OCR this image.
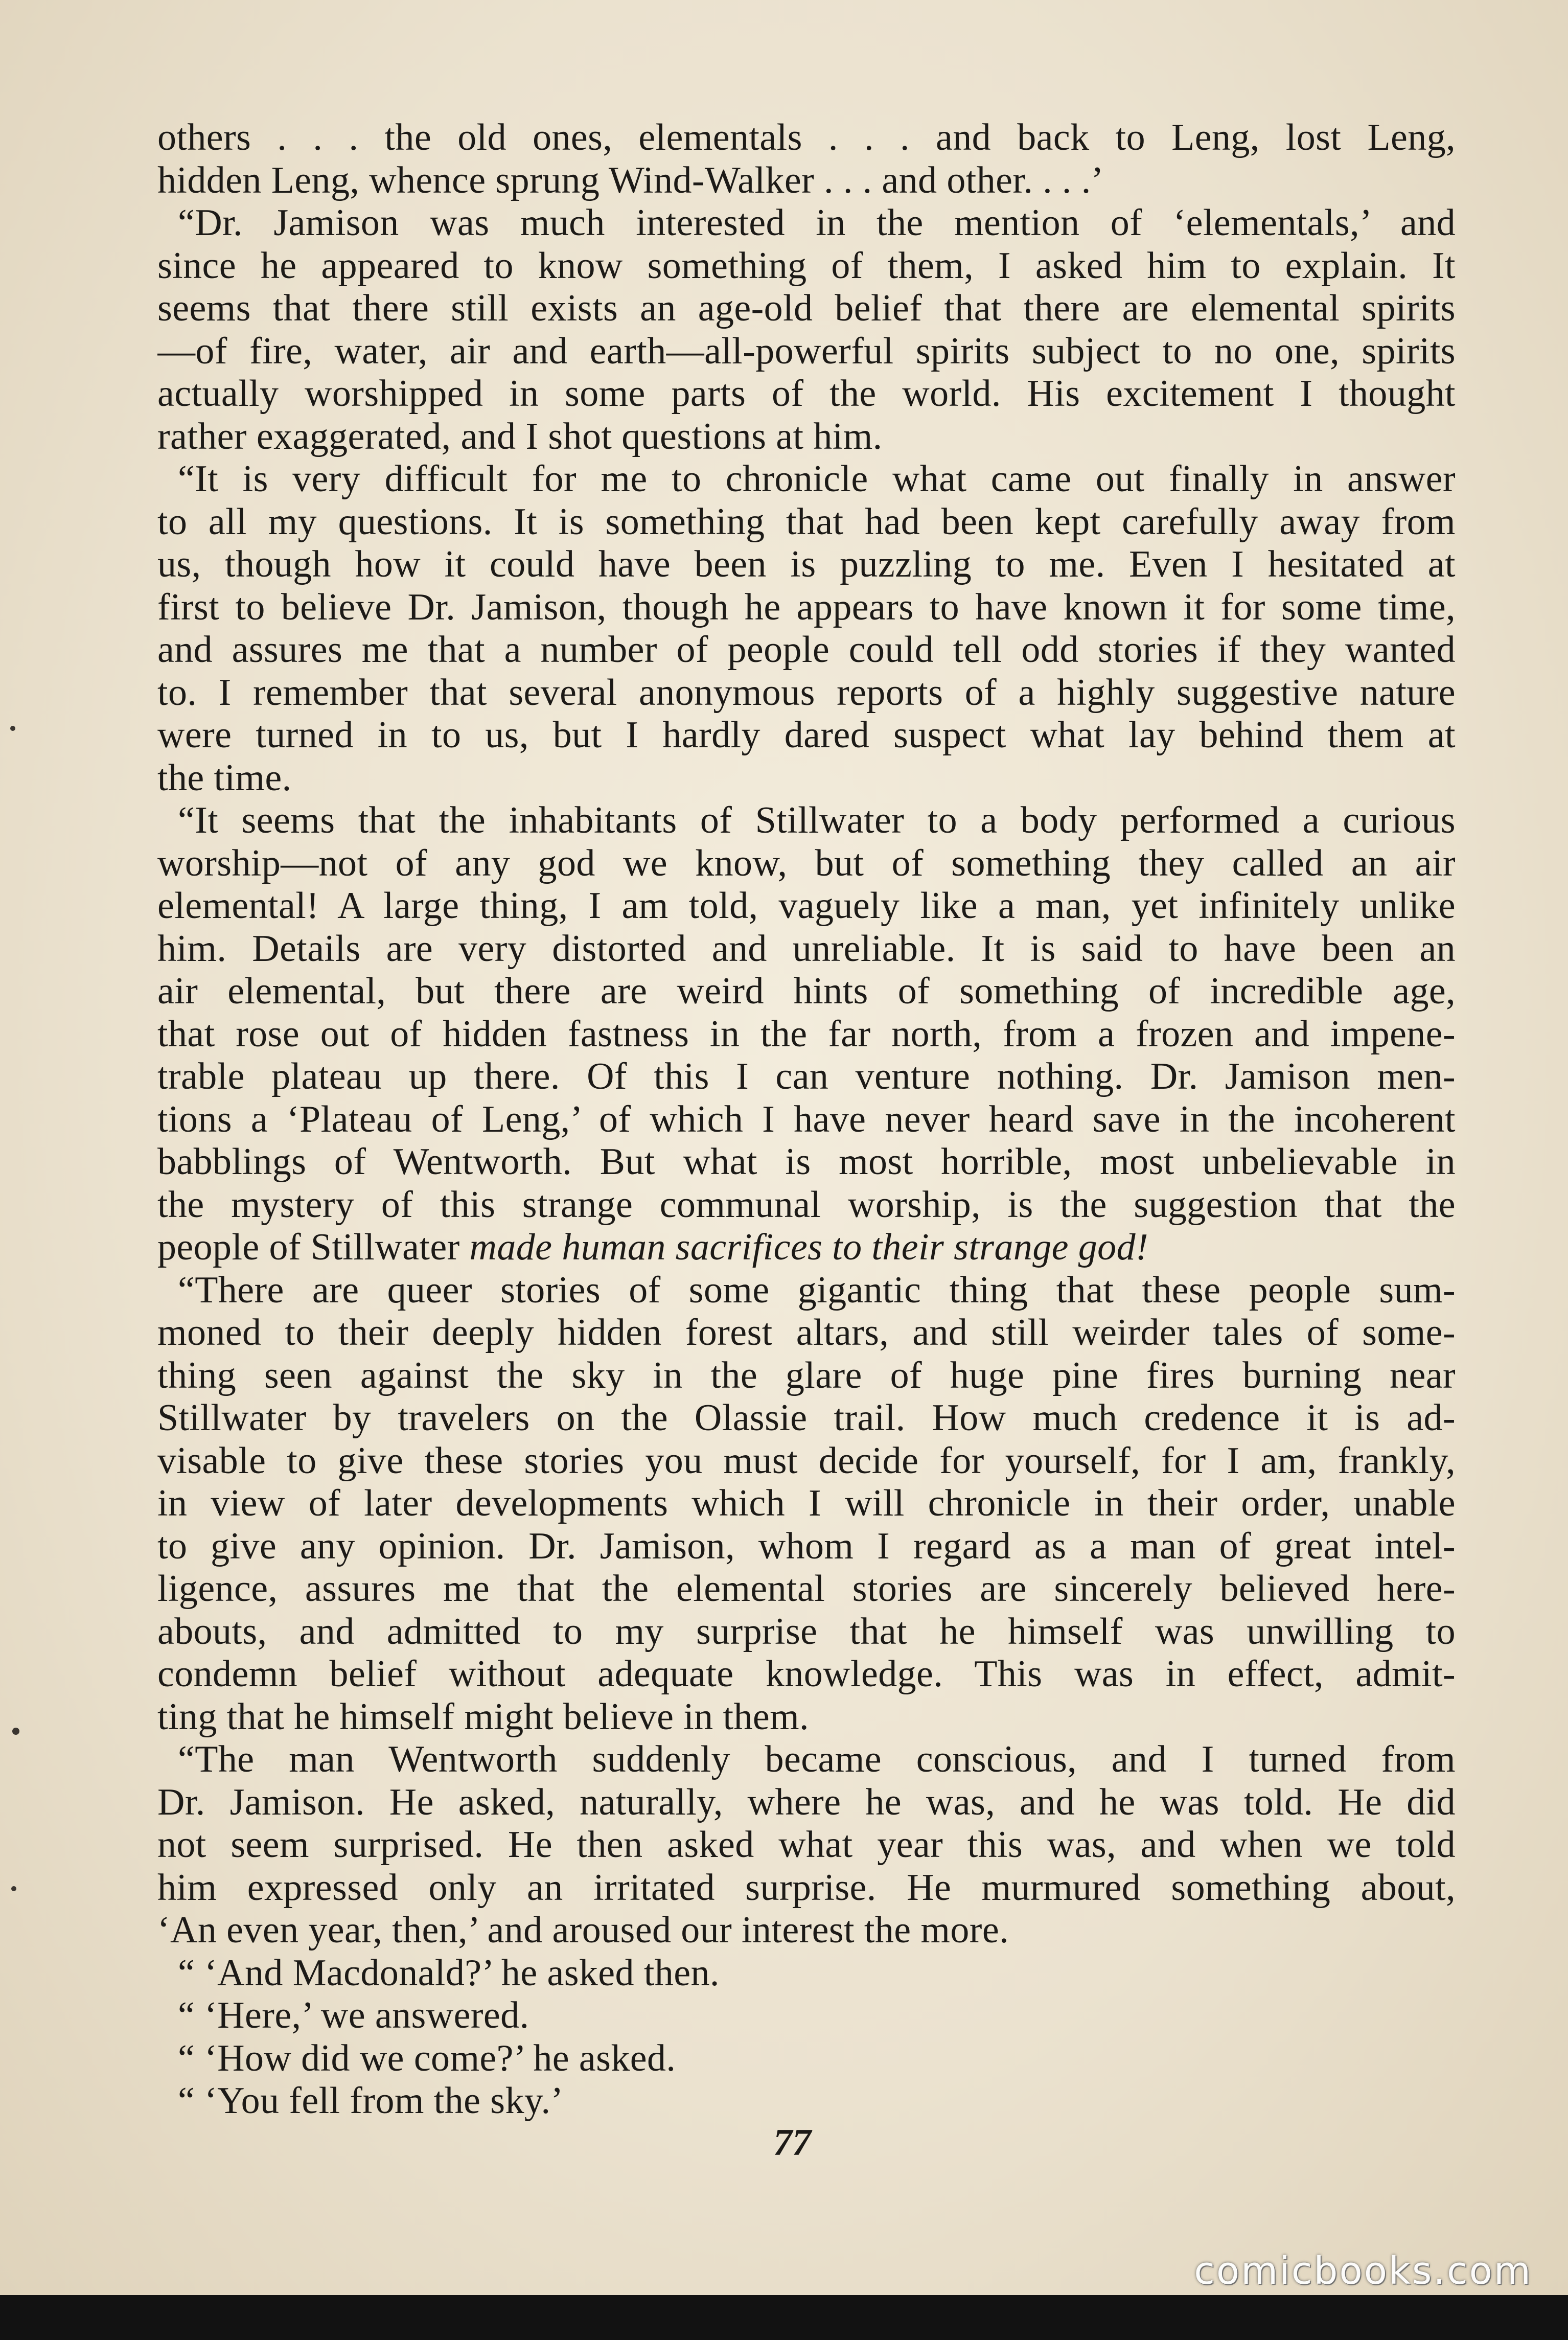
others . . . the old ones, elementals . . . and back to Leng, lost Leng,
hidden Leng, whence sprung Wind-Walker . . . and other. . . .’
“Dr. Jamison was much interested in the mention of ‘elementals,’ and
since he appeared to know something of them, I asked him to explain. It
seems that there still exists an age-old belief that there are elemental spirits
—of fire, water, air and earth—all-powerful spirits subject to no one, spirits
actually worshipped in some parts of the world. His excitement I thought
rather exaggerated, and I shot questions at him.
“It is very difficult for me to chronicle what came out finally in answer
to all my questions. It is something that had been kept carefully away from
us, though how it could have been is puzzling to me. Even I hesitated at
first to believe Dr. Jamison, though he appears to have known it for some time,
and assures me that a number of people could tell odd stories if they wanted
to. I remember that several anonymous reports of a highly suggestive nature
were turned in to us, but I hardly dared suspect what lay behind them at
the time.
“It seems that the inhabitants of Stillwater to a body performed a curious
worship—not of any god we know, but of something they called an air
elemental! A large thing, I am told, vaguely like a man, yet infinitely unlike
him. Details are very distorted and unreliable. It is said to have been an
air elemental, but there are weird hints of something of incredible age,
that rose out of hidden fastness in the far north, from a frozen and impene-
trable plateau up there. Of this I can venture nothing. Dr. Jamison men-
tions a ‘Plateau of Leng,’ of which I have never heard save in the incoherent
babblings of Wentworth. But what is most horrible, most unbelievable in
the mystery of this strange communal worship, is the suggestion that the
people of Stillwater made human sacrifices to their strange god!
“There are queer stories of some gigantic thing that these people sum-
moned to their deeply hidden forest altars, and still weirder tales of some-
thing seen against the sky in the glare of huge pine fires burning near
Stillwater by travelers on the Olassie trail. How much credence it is ad-
visable to give these stories you must decide for yourself, for I am, frankly,
in view of later developments which I will chronicle in their order, unable
to give any opinion. Dr. Jamison, whom I regard as a man of great intel-
ligence, assures me that the elemental stories are sincerely believed here-
abouts, and admitted to my surprise that he himself was unwilling to
condemn belief without adequate knowledge. This was in effect, admit-
ting that he himself might believe in them.
“The man Wentworth suddenly became conscious, and I turned from
Dr. Jamison. He asked, naturally, where he was, and he was told. He did
not seem surprised. He then asked what year this was, and when we told
him expressed only an irritated surprise. He murmured something about,
‘An even year, then,’ and aroused our interest the more.
“ ‘And Macdonald?’ he asked then.
“ ‘Here,’ we answered.
“ ‘How did we come?’ he asked.
“ ‘You fell from the sky.’
77
comicbooks.com
